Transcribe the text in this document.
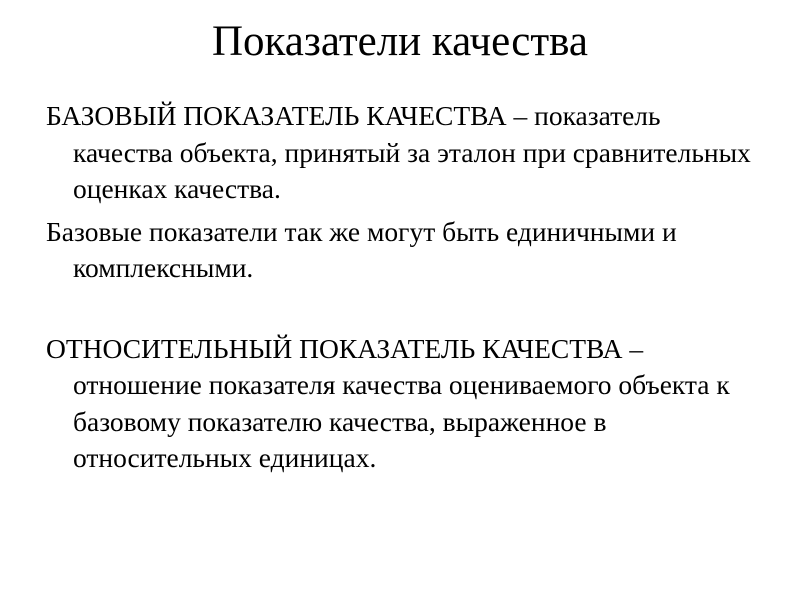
Показатели качества

БАЗОВЫЙ ПОКАЗАТЕЛЬ КАЧЕСТВА – показатель качества объекта, принятый за эталон при сравнительных оценках качества.

Базовые показатели так же могут быть единичными и комплексными.

ОТНОСИТЕЛЬНЫЙ ПОКАЗАТЕЛЬ КАЧЕСТВА – отношение показателя качества оцениваемого объекта к базовому показателю качества, выраженное в относительных единицах.
